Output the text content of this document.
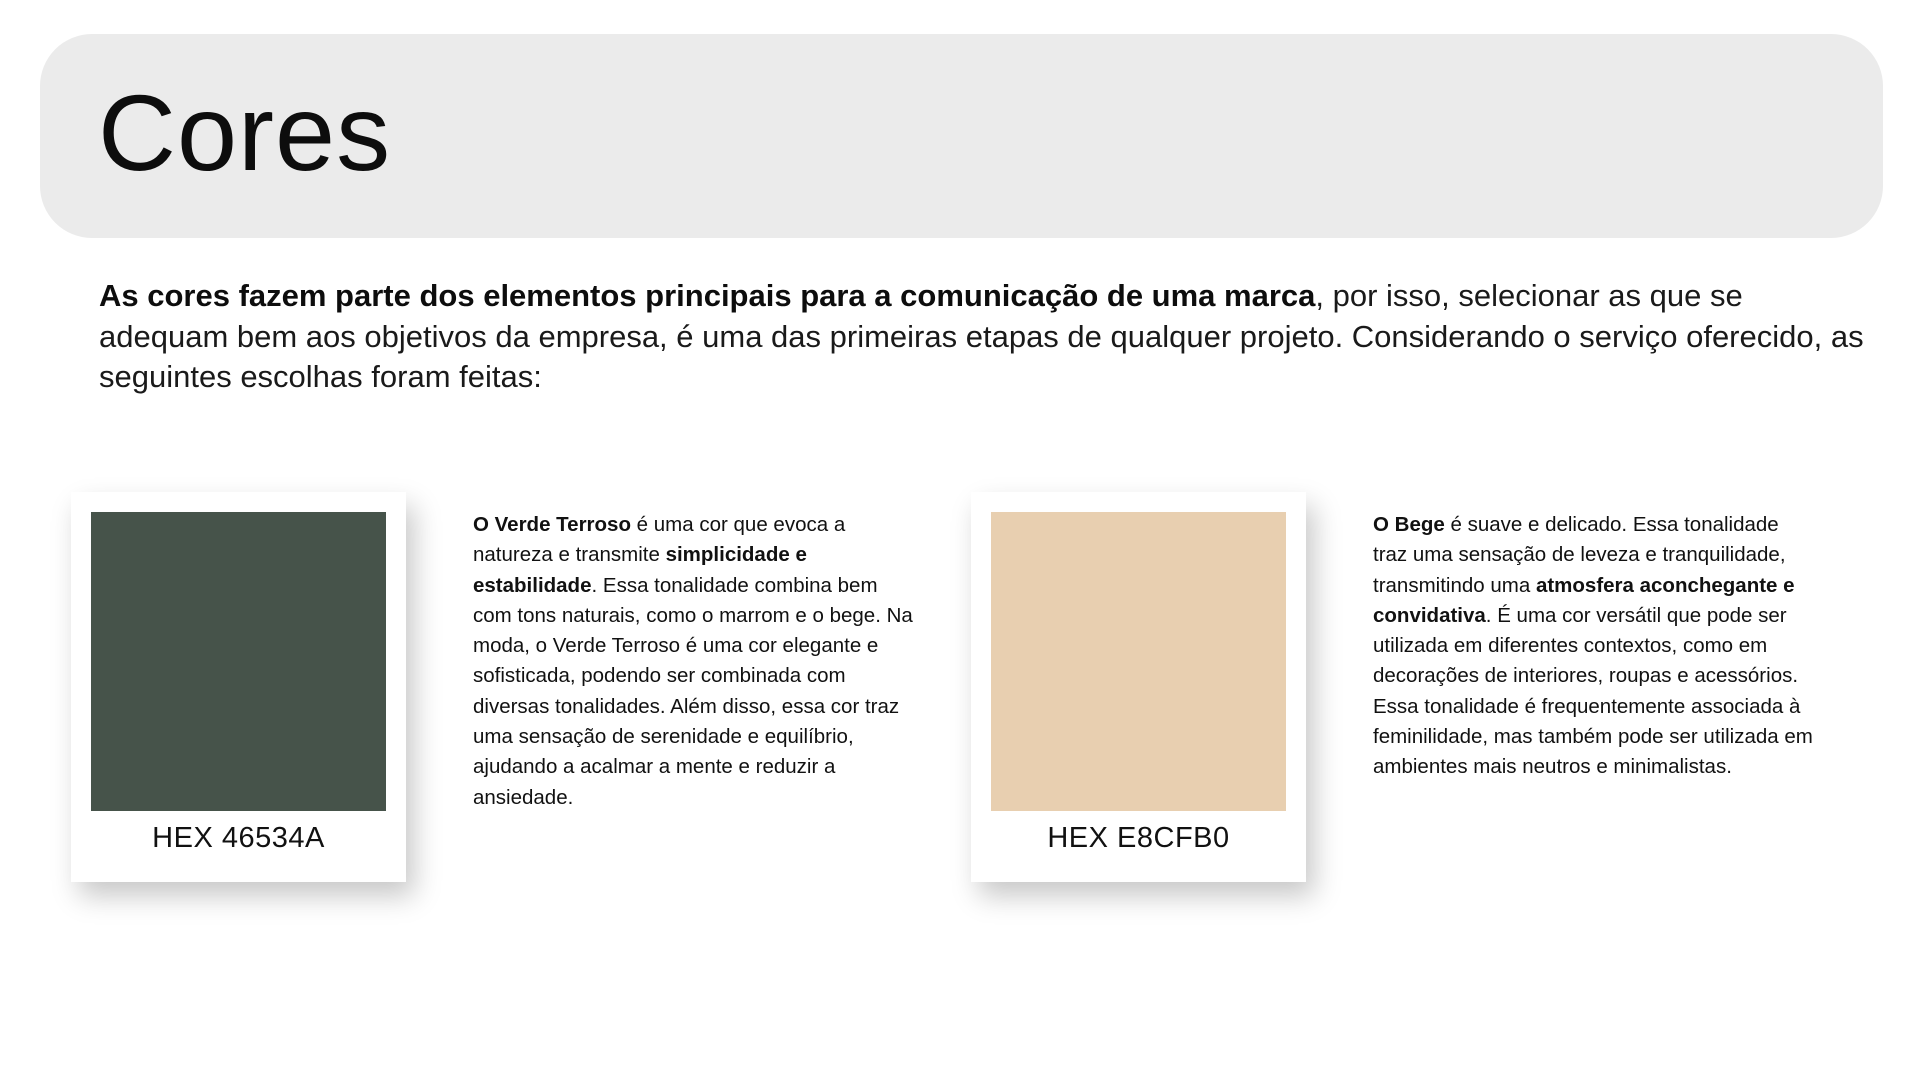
Cores

As cores fazem parte dos elementos principais para a comunicação de uma marca, por isso, selecionar as que se adequam bem aos objetivos da empresa, é uma das primeiras etapas de qualquer projeto. Considerando o serviço oferecido, as seguintes escolhas foram feitas:

HEX 46534A

O Verde Terroso é uma cor que evoca a natureza e transmite simplicidade e estabilidade. Essa tonalidade combina bem com tons naturais, como o marrom e o bege. Na moda, o Verde Terroso é uma cor elegante e sofisticada, podendo ser combinada com diversas tonalidades. Além disso, essa cor traz uma sensação de serenidade e equilíbrio, ajudando a acalmar a mente e reduzir a ansiedade.

HEX E8CFB0

O Bege é suave e delicado. Essa tonalidade traz uma sensação de leveza e tranquilidade, transmitindo uma atmosfera aconchegante e convidativa. É uma cor versátil que pode ser utilizada em diferentes contextos, como em decorações de interiores, roupas e acessórios. Essa tonalidade é frequentemente associada à feminilidade, mas também pode ser utilizada em ambientes mais neutros e minimalistas.
